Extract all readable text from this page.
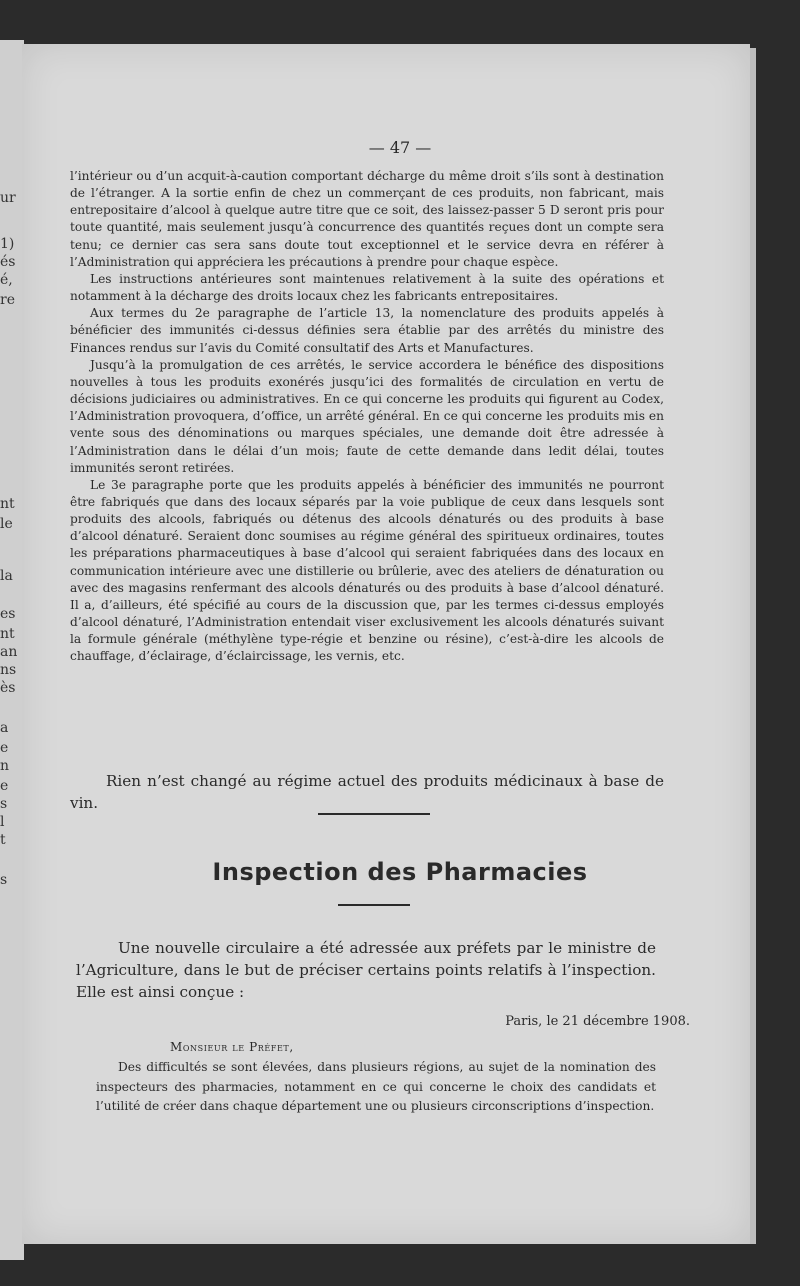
ur
1)
és
é,
re
nt
le
la
es
nt
an
ns
ès
a
e
n
e
s
l
t
s
— 47 —

l’intérieur ou d’un acquit-à-caution comportant décharge du même droit s’ils sont à destination de l’étranger. A la sortie enfin de chez un commerçant de ces produits, non fabricant, mais entrepositaire d’alcool à quelque autre titre que ce soit, des laissez-passer 5 D seront pris pour toute quantité, mais seulement jusqu’à concurrence des quantités reçues dont un compte sera tenu; ce dernier cas sera sans doute tout exceptionnel et le service devra en référer à l’Administration qui appréciera les précautions à prendre pour chaque espèce.

Les instructions antérieures sont maintenues relativement à la suite des opérations et notamment à la décharge des droits locaux chez les fabricants entrepositaires.

Aux termes du 2e paragraphe de l’article 13, la nomenclature des produits appelés à bénéficier des immunités ci-dessus définies sera établie par des arrêtés du ministre des Finances rendus sur l’avis du Comité consultatif des Arts et Manufactures.

Jusqu’à la promulgation de ces arrêtés, le service accordera le bénéfice des dispositions nouvelles à tous les produits exonérés jusqu’ici des formalités de circulation en vertu de décisions judiciaires ou administratives. En ce qui concerne les produits qui figurent au Codex, l’Administration provoquera, d’office, un arrêté général. En ce qui concerne les produits mis en vente sous des dénominations ou marques spéciales, une demande doit être adressée à l’Administration dans le délai d’un mois; faute de cette demande dans ledit délai, toutes immunités seront retirées.

Le 3e paragraphe porte que les produits appelés à bénéficier des immunités ne pourront être fabriqués que dans des locaux séparés par la voie publique de ceux dans lesquels sont produits des alcools, fabriqués ou détenus des alcools dénaturés ou des produits à base d’alcool dénaturé. Seraient donc soumises au régime général des spiritueux ordinaires, toutes les préparations pharmaceutiques à base d’alcool qui seraient fabriquées dans des locaux en communication intérieure avec une distillerie ou brûlerie, avec des ateliers de dénaturation ou avec des magasins renfermant des alcools dénaturés ou des produits à base d’alcool dénaturé. Il a, d’ailleurs, été spécifié au cours de la discussion que, par les termes ci-dessus employés d’alcool dénaturé, l’Administration entendait viser exclusivement les alcools dénaturés suivant la formule générale (méthylène type-régie et benzine ou résine), c’est-à-dire les alcools de chauffage, d’éclairage, d’éclaircissage, les vernis, etc.

Rien n’est changé au régime actuel des produits médicinaux à base de vin.
Inspection des Pharmacies
Une nouvelle circulaire a été adressée aux préfets par le ministre de l’Agriculture, dans le but de préciser certains points relatifs à l’inspection. Elle est ainsi conçue :
Paris, le 21 décembre 1908.
Monsieur le Préfet,

Des difficultés se sont élevées, dans plusieurs régions, au sujet de la nomination des inspecteurs des pharmacies, notamment en ce qui concerne le choix des candidats et l’utilité de créer dans chaque département une ou plusieurs circonscriptions d’inspection.
